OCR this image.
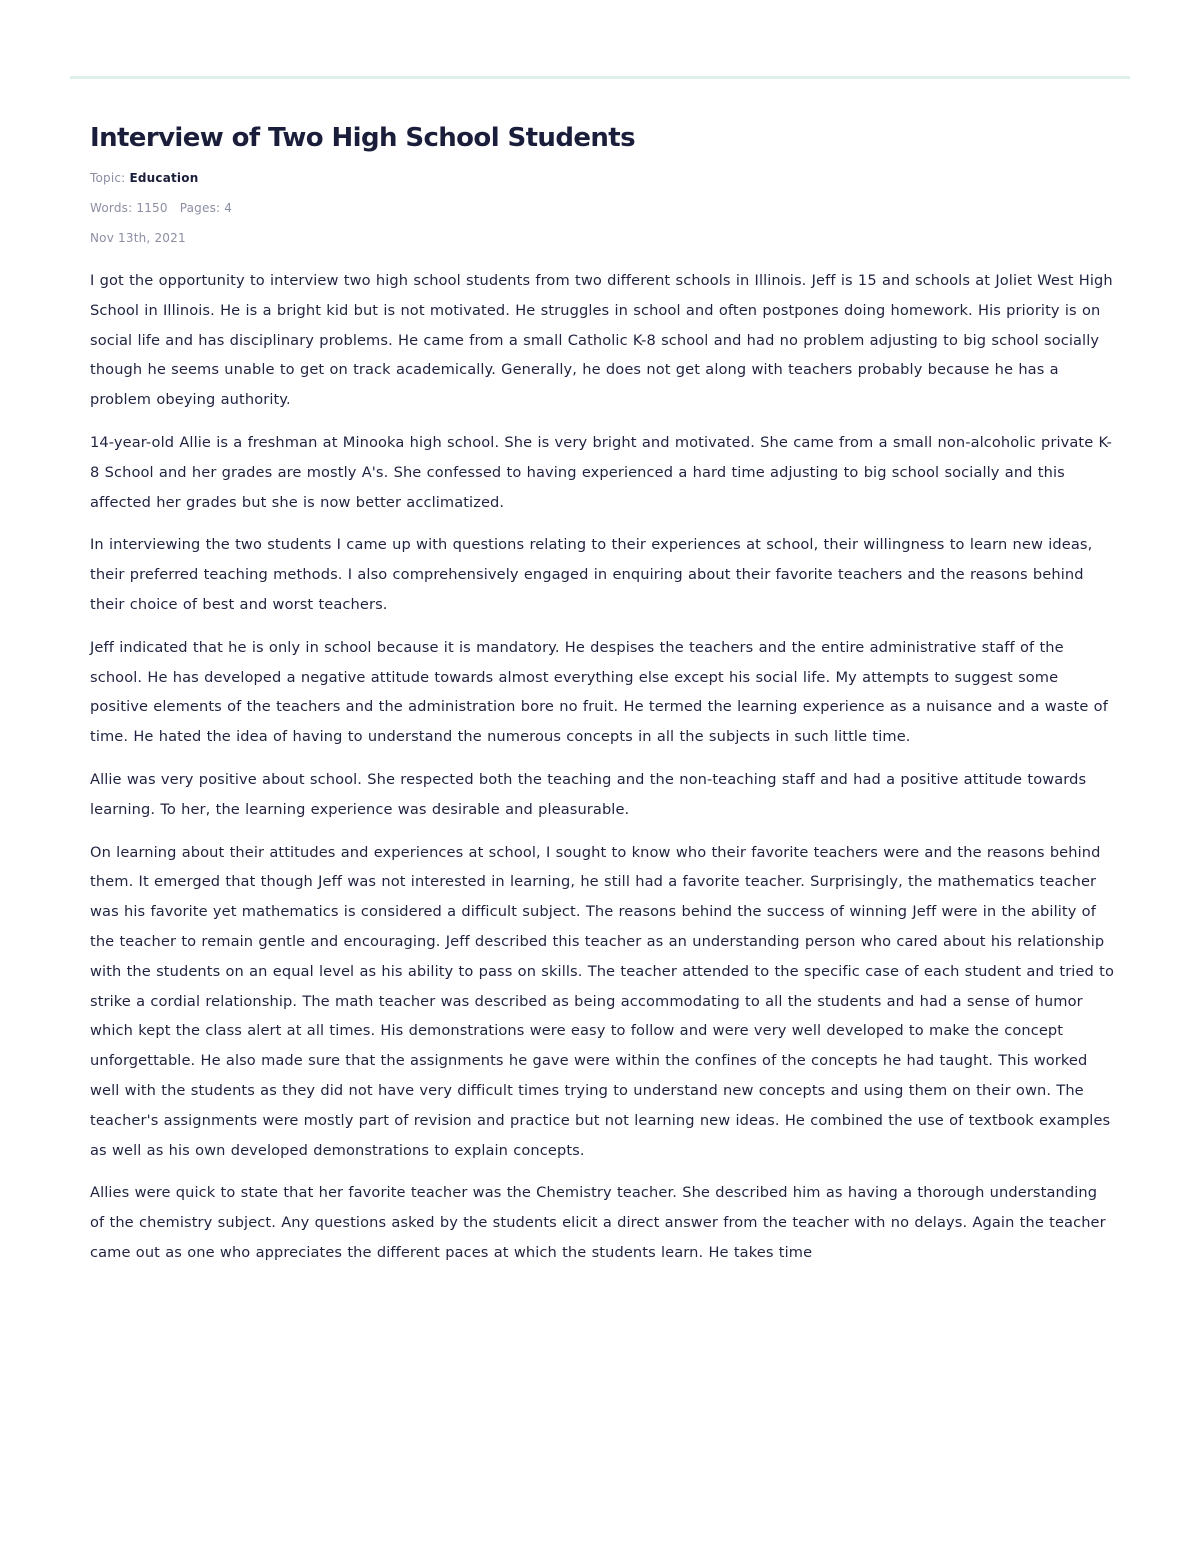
Interview of Two High School Students
Topic: Education
Words: 1150 Pages: 4
Nov 13th, 2021

I got the opportunity to interview two high school students from two different schools in Illinois. Jeff is 15 and schools at Joliet West High School in Illinois. He is a bright kid but is not motivated. He struggles in school and often postpones doing homework. His priority is on social life and has disciplinary problems. He came from a small Catholic K-8 school and had no problem adjusting to big school socially though he seems unable to get on track academically. Generally, he does not get along with teachers probably because he has a problem obeying authority.

14-year-old Allie is a freshman at Minooka high school. She is very bright and motivated. She came from a small non-alcoholic private K-8 School and her grades are mostly A's. She confessed to having experienced a hard time adjusting to big school socially and this affected her grades but she is now better acclimatized.

In interviewing the two students I came up with questions relating to their experiences at school, their willingness to learn new ideas, their preferred teaching methods. I also comprehensively engaged in enquiring about their favorite teachers and the reasons behind their choice of best and worst teachers.

Jeff indicated that he is only in school because it is mandatory. He despises the teachers and the entire administrative staff of the school. He has developed a negative attitude towards almost everything else except his social life. My attempts to suggest some positive elements of the teachers and the administration bore no fruit. He termed the learning experience as a nuisance and a waste of time. He hated the idea of having to understand the numerous concepts in all the subjects in such little time.

Allie was very positive about school. She respected both the teaching and the non-teaching staff and had a positive attitude towards learning. To her, the learning experience was desirable and pleasurable.

On learning about their attitudes and experiences at school, I sought to know who their favorite teachers were and the reasons behind them. It emerged that though Jeff was not interested in learning, he still had a favorite teacher. Surprisingly, the mathematics teacher was his favorite yet mathematics is considered a difficult subject. The reasons behind the success of winning Jeff were in the ability of the teacher to remain gentle and encouraging. Jeff described this teacher as an understanding person who cared about his relationship with the students on an equal level as his ability to pass on skills. The teacher attended to the specific case of each student and tried to strike a cordial relationship. The math teacher was described as being accommodating to all the students and had a sense of humor which kept the class alert at all times. His demonstrations were easy to follow and were very well developed to make the concept unforgettable. He also made sure that the assignments he gave were within the confines of the concepts he had taught. This worked well with the students as they did not have very difficult times trying to understand new concepts and using them on their own. The teacher's assignments were mostly part of revision and practice but not learning new ideas. He combined the use of textbook examples as well as his own developed demonstrations to explain concepts.

Allies were quick to state that her favorite teacher was the Chemistry teacher. She described him as having a thorough understanding of the chemistry subject. Any questions asked by the students elicit a direct answer from the teacher with no delays. Again the teacher came out as one who appreciates the different paces at which the students learn. He takes time
